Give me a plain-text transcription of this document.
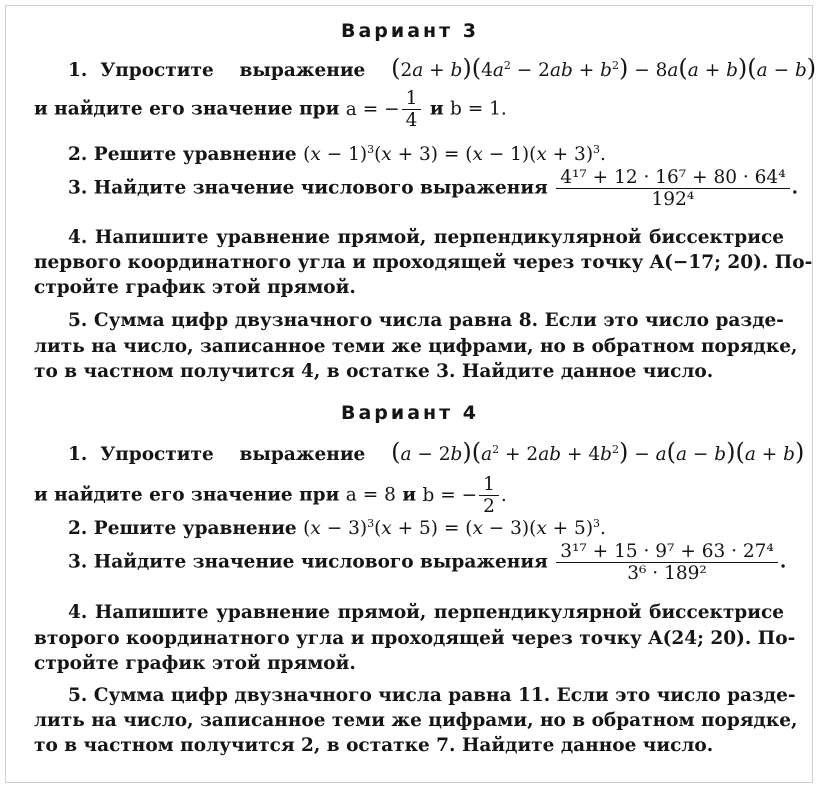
Вариант 3
1. Упростите выражение $(2a + b)(4a^2 - 2ab + b^2) - 8a(a + b)(a - b)$
и найдите его значение при a = − $\frac{1}{4}$ и b = 1.
2. Решите уравнение $(x - 1)^3(x + 3) = (x - 1)(x + 3)^3$.
3. Найдите значение числового выражения $\frac{\text{4¹⁷ + 12 · 16⁷ + 80 · 64⁴}}{\text{192⁴}}$ .
4. Напишите уравнение прямой, перпендикулярной биссектрисе
первого координатного угла и проходящей через точку A(−17; 20). По-
стройте график этой прямой.
5. Сумма цифр двузначного числа равна 8. Если это число разде-
лить на число, записанное теми же цифрами, но в обратном порядке,
то в частном получится 4, в остатке 3. Найдите данное число.
Вариант 4
1. Упростите выражение $(a - 2b)(a^2 + 2ab + 4b^2) - a(a - b)(a + b)$
и найдите его значение при a = 8 и b = − $\frac{1}{2}$ .
2. Решите уравнение $(x - 3)^3(x + 5) = (x - 3)(x + 5)^3$.
3. Найдите значение числового выражения $\frac{\text{3¹⁷ + 15 · 9⁷ + 63 · 27⁴}}{\text{3⁶ · 189²}}$ .
4. Напишите уравнение прямой, перпендикулярной биссектрисе
второго координатного угла и проходящей через точку A(24; 20). По-
стройте график этой прямой.
5. Сумма цифр двузначного числа равна 11. Если это число разде-
лить на число, записанное теми же цифрами, но в обратном порядке,
то в частном получится 2, в остатке 7. Найдите данное число.
